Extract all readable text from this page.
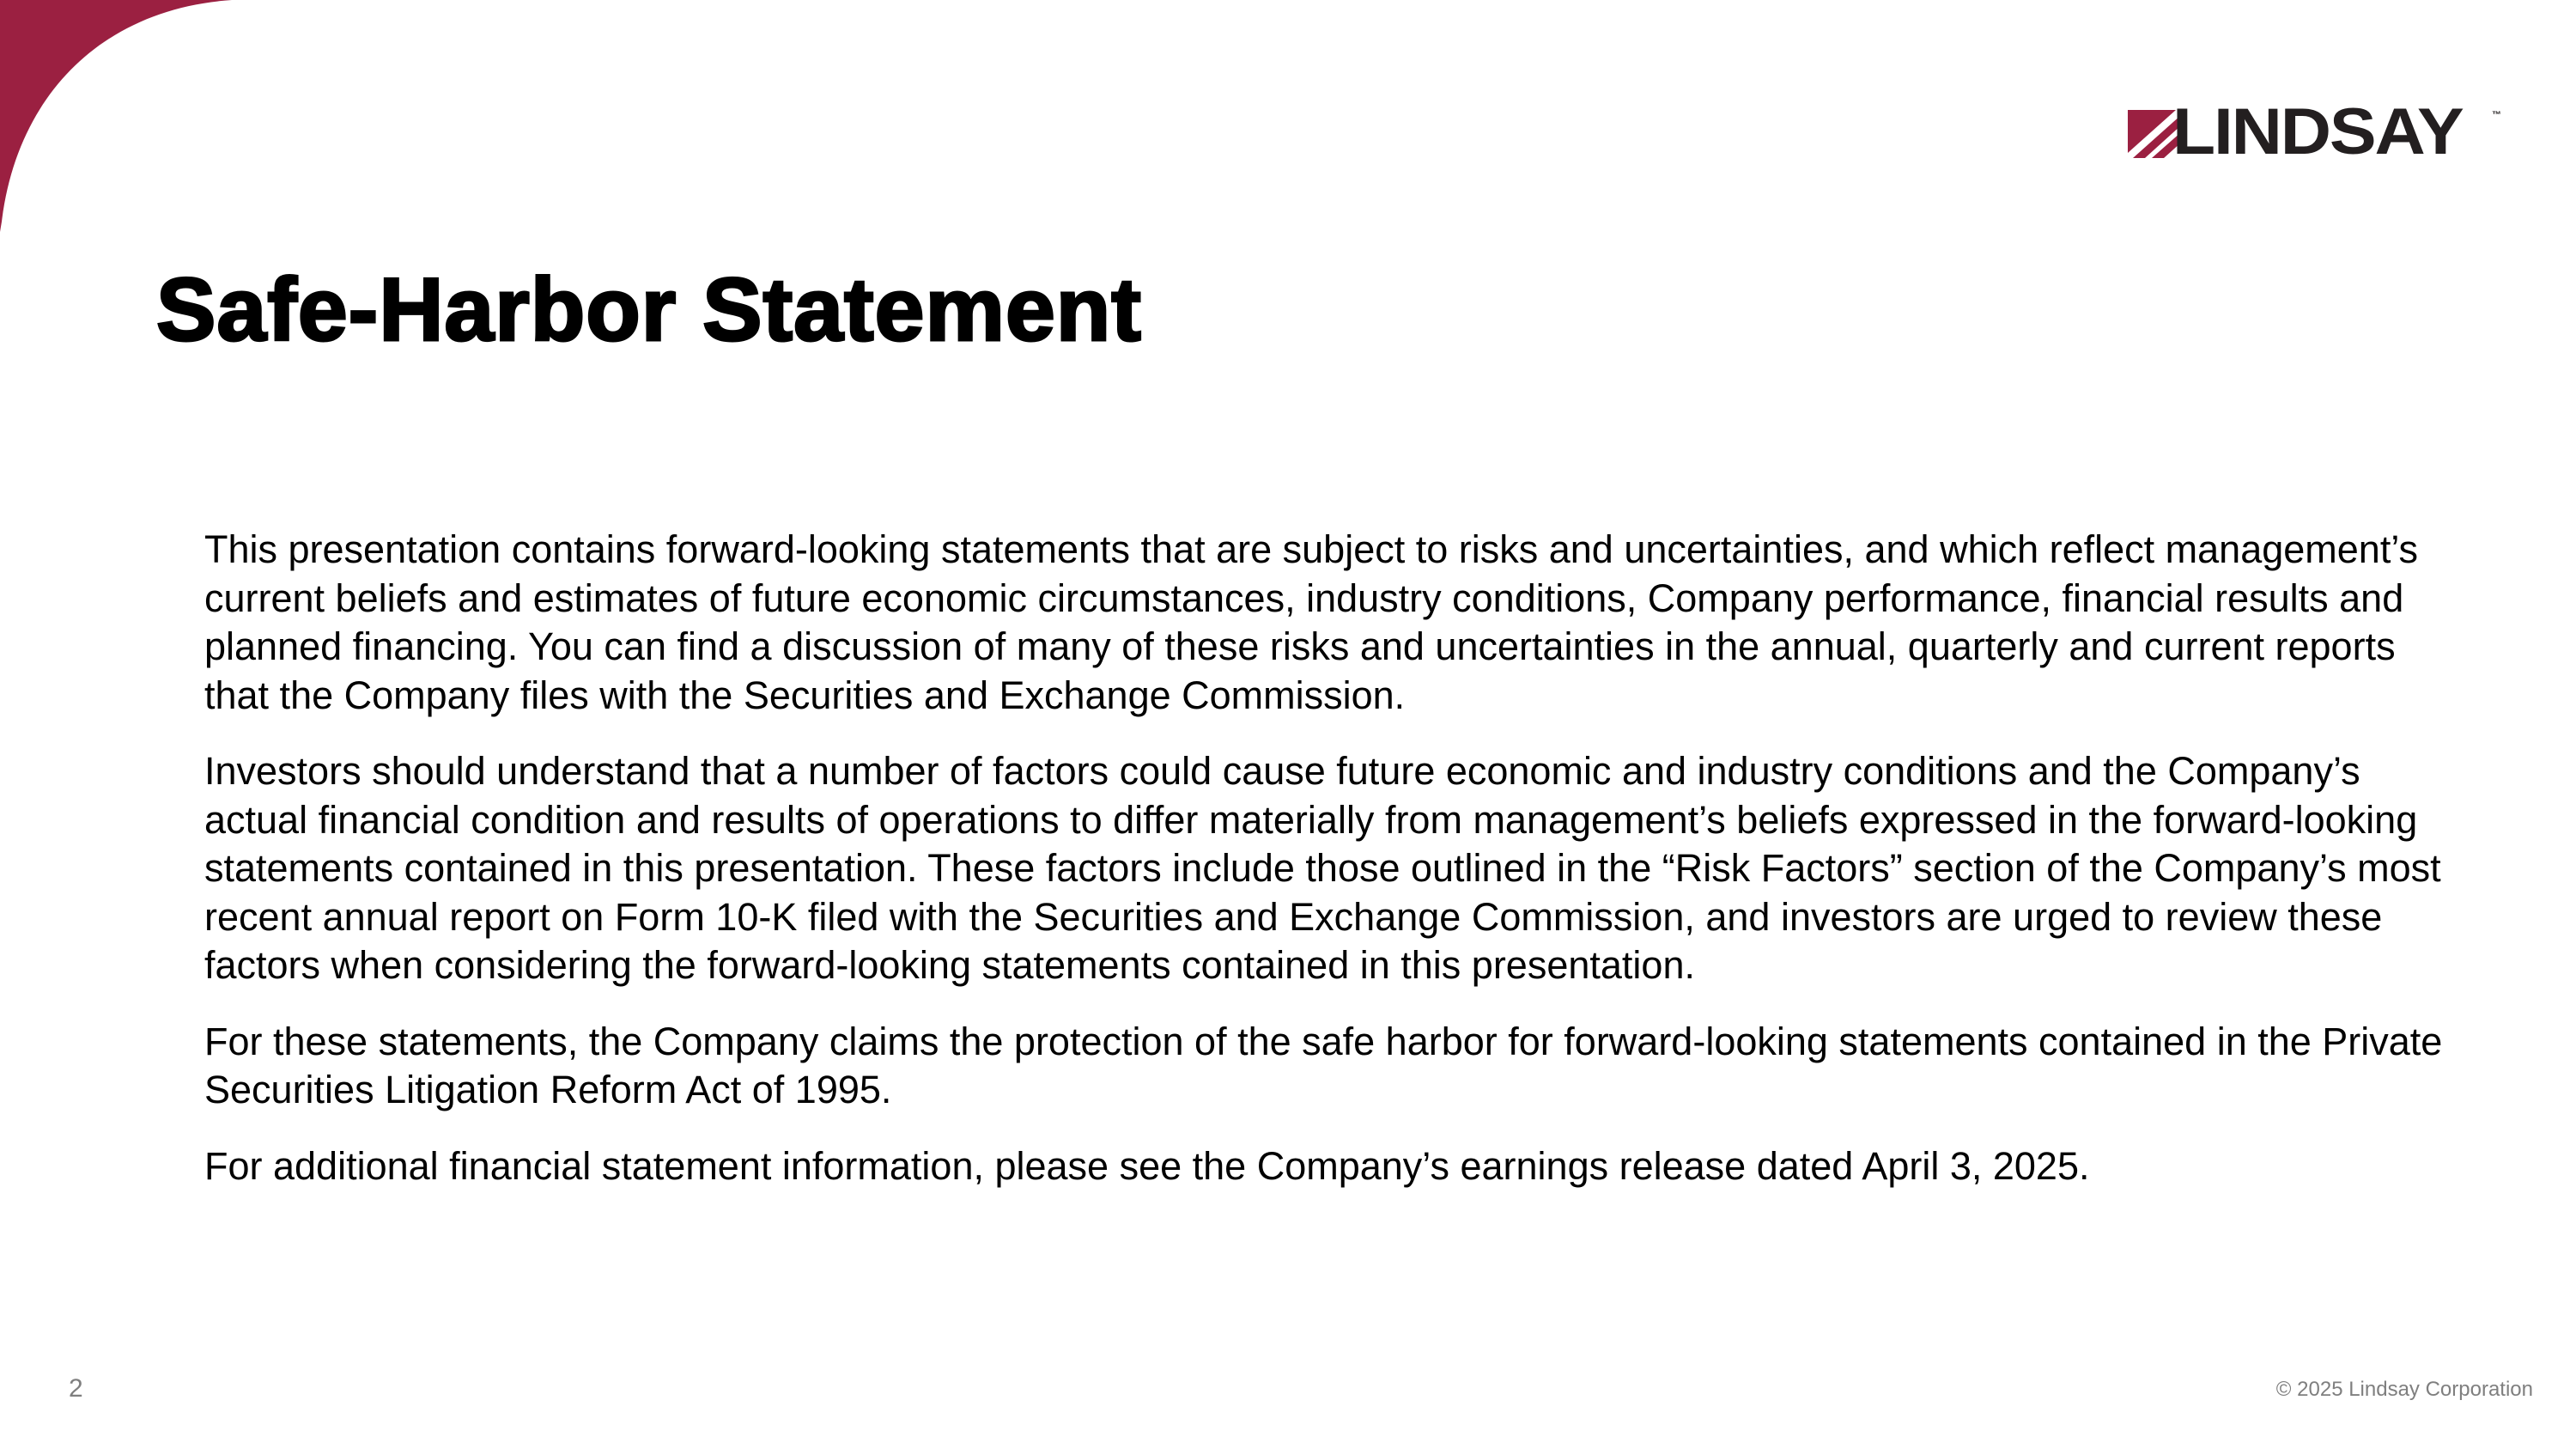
LINDSAY	™
Safe-Harbor Statement

This presentation contains forward-looking statements that are subject to risks and uncertainties, and which reflect management’s current beliefs and estimates of future economic circumstances, industry conditions, Company performance, financial results and planned financing. You can find a discussion of many of these risks and uncertainties in the annual, quarterly and current reports that the Company files with the Securities and Exchange Commission.

Investors should understand that a number of factors could cause future economic and industry conditions and the Company’s actual financial condition and results of operations to differ materially from management’s beliefs expressed in the forward-looking statements contained in this presentation. These factors include those outlined in the “Risk Factors” section of the Company’s most recent annual report on Form 10-K filed with the Securities and Exchange Commission, and investors are urged to review these factors when considering the forward-looking statements contained in this presentation.

For these statements, the Company claims the protection of the safe harbor for forward-looking statements contained in the Private Securities Litigation Reform Act of 1995.

For additional financial statement information, please see the Company’s earnings release dated April 3, 2025.

2	© 2025 Lindsay Corporation
